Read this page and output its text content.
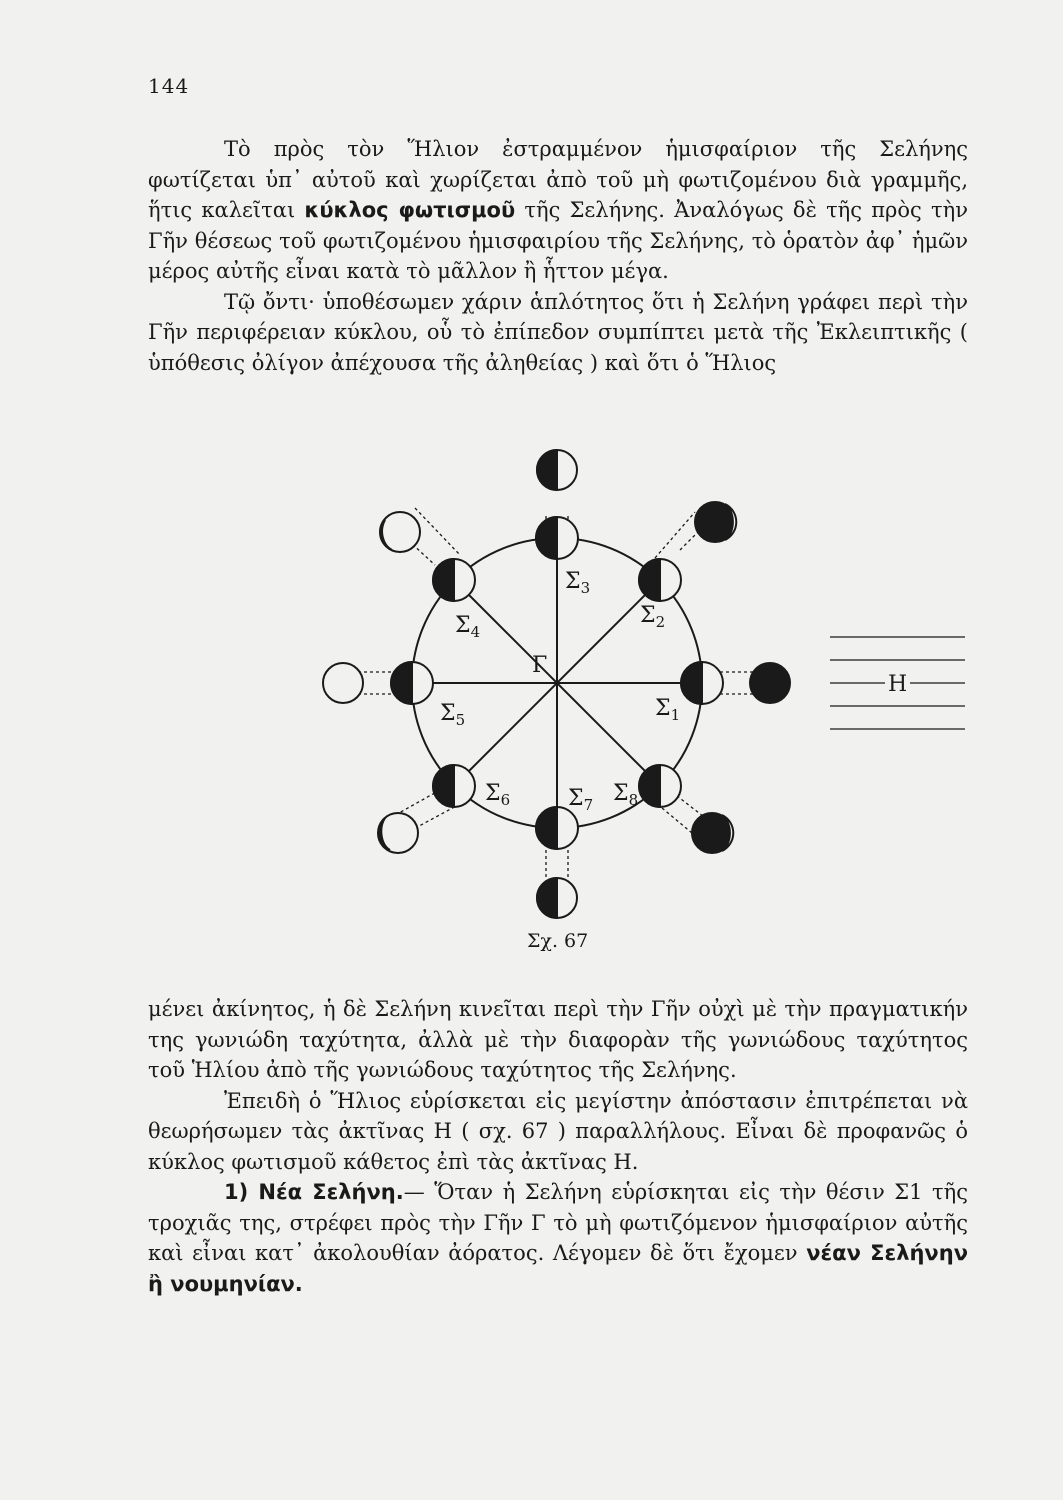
144

Τὸ πρὸς τὸν Ἥλιον ἐστραμμένον ἡμισφαίριον τῆς Σελήνης φωτίζεται ὑπ᾽ αὐτοῦ καὶ χωρίζεται ἀπὸ τοῦ μὴ φωτιζομένου διὰ γραμμῆς, ἥτις καλεῖται κύκλος φωτισμοῦ τῆς Σελήνης. Ἀναλόγως δὲ τῆς πρὸς τὴν Γῆν θέσεως τοῦ φωτιζομένου ἡμισφαιρίου τῆς Σελήνης, τὸ ὁρατὸν ἀφ᾽ ἡμῶν μέρος αὐτῆς εἶναι κατὰ τὸ μᾶλλον ἢ ἧττον μέγα.

Τῷ ὄντι· ὑποθέσωμεν χάριν ἁπλότητος ὅτι ἡ Σελήνη γράφει περὶ τὴν Γῆν περιφέρειαν κύκλου, οὗ τὸ ἐπίπεδον συμπίπτει μετὰ τῆς Ἐκλειπτικῆς ( ὑπόθεσις ὀλίγον ἀπέχουσα τῆς ἀληθείας ) καὶ ὅτι ὁ Ἥλιος

Γ
Η
$\Sigma_1$
$\Sigma_2$
$\Sigma_3$
$\Sigma_4$
$\Sigma_5$
$\Sigma_6$	$\Sigma_7$ $\Sigma_8$
Σχ. 67

μένει ἀκίνητος, ἡ δὲ Σελήνη κινεῖται περὶ τὴν Γῆν οὐχὶ μὲ τὴν πραγματικήν της γωνιώδη ταχύτητα, ἀλλὰ μὲ τὴν διαφορὰν τῆς γωνιώδους ταχύτητος τοῦ Ἡλίου ἀπὸ τῆς γωνιώδους ταχύτητος τῆς Σελήνης.

Ἐπειδὴ ὁ Ἥλιος εὑρίσκεται εἰς μεγίστην ἀπόστασιν ἐπιτρέπεται νὰ θεωρήσωμεν τὰς ἀκτῖνας Η ( σχ. 67 ) παραλλήλους. Εἶναι δὲ προφανῶς ὁ κύκλος φωτισμοῦ κάθετος ἐπὶ τὰς ἀκτῖνας Η.

1) Νέα Σελήνη.— Ὅταν ἡ Σελήνη εὑρίσκηται εἰς τὴν θέσιν Σ1 τῆς τροχιᾶς της, στρέφει πρὸς τὴν Γῆν Γ τὸ μὴ φωτιζόμενον ἡμισφαίριον αὐτῆς καὶ εἶναι κατ᾽ ἀκολουθίαν ἀόρατος. Λέγομεν δὲ ὅτι ἔχομεν νέαν Σελήνην ἢ νουμηνίαν.
